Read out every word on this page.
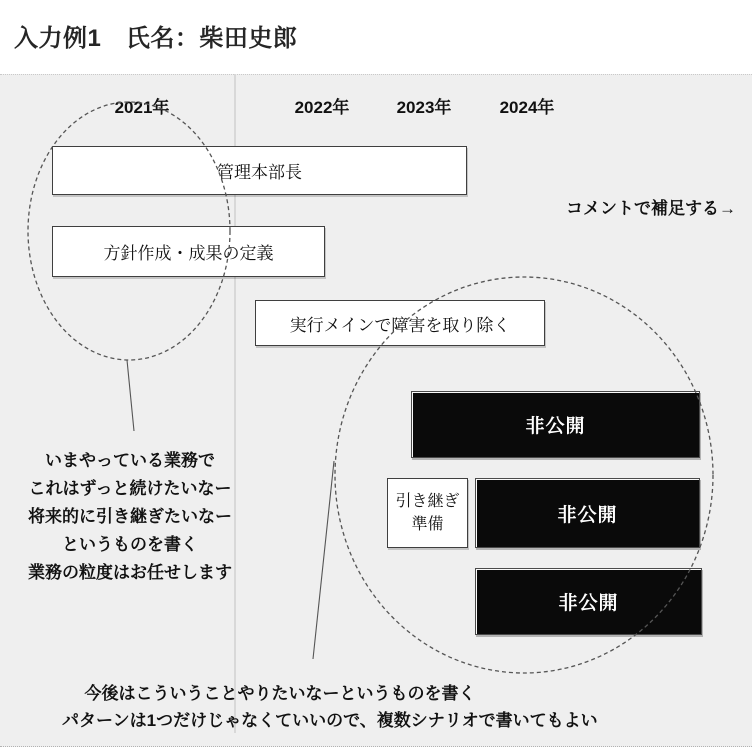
入力例1　氏名：柴田史郎
2021年	2022年	2023年	2024年
管理本部長
方針作成・成果の定義
実行メインで障害を取り除く
コメントで補足する→
非公開
引き継ぎ
準備	非公開
非公開
いまやっている業務で
これはずっと続けたいなー
将来的に引き継ぎたいなー
というものを書く
業務の粒度はお任せします
今後はこういうことやりたいなーというものを書く
パターンは1つだけじゃなくていいので、複数シナリオで書いてもよい
